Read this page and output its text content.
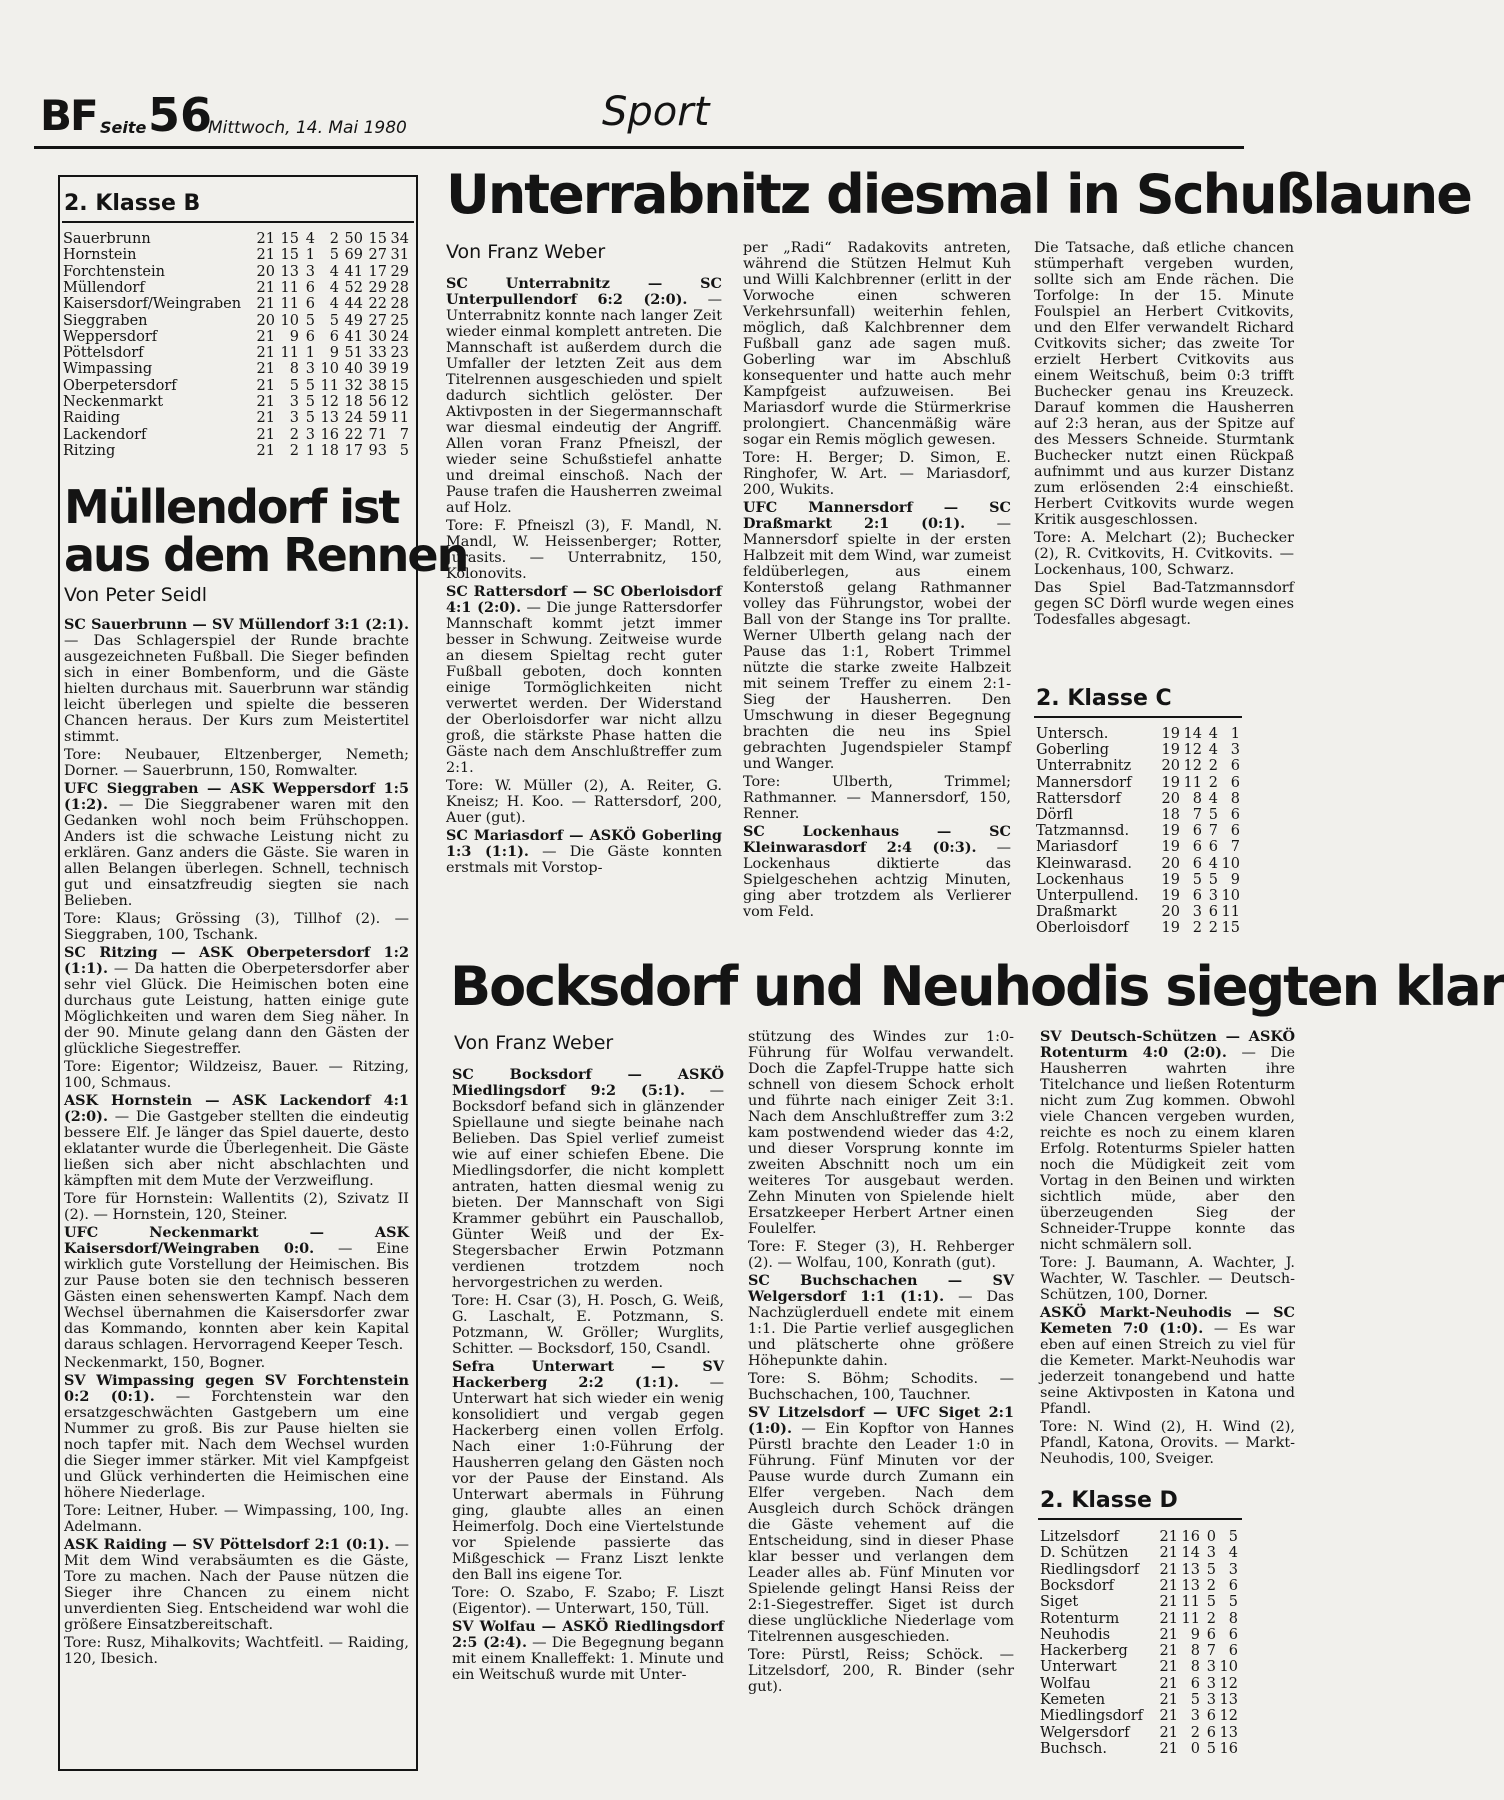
BF Seite 56
Mittwoch, 14. Mai 1980	Sport
2. Klasse B
Sauerbrunn	21 15 4	2 50 15 34
Hornstein	21 15 1	5 69 27 31
Forchtenstein	20 13 3	4 41 17 29
Müllendorf	21 11 6	4 52 29 28
Kaisersdorf/Weingraben 21 11 6	4 44 22 28
Sieggraben	20 10 5	5 49 27 25
Weppersdorf	21	9 6	6 41 30 24
Pöttelsdorf	21 11 1	9 51 33 23
Wimpassing	21	8 3 10 40 39 19
Oberpetersdorf	21	5 5 11 32 38 15
Neckenmarkt	21	3 5 12 18 56 12
Raiding	21	3 5 13 24 59 11
Lackendorf	21	2 3 16 22 71 7
Ritzing	21	2 1 18 17 93 5
Müllendorf ist
aus dem Rennen
Von Peter Seidl

SC Sauerbrunn — SV Müllendorf 3:1 (2:1). — Das Schlagerspiel der Runde brachte ausgezeichneten Fußball. Die Sieger befinden sich in einer Bombenform, und die Gäste hielten durchaus mit. Sauerbrunn war ständig leicht überlegen und spielte die besseren Chancen heraus. Der Kurs zum Meistertitel stimmt.

Tore: Neubauer, Eltzenberger, Nemeth; Dorner. — Sauerbrunn, 150, Romwalter.

UFC Sieggraben — ASK Weppersdorf 1:5 (1:2). — Die Sieggrabener waren mit den Gedanken wohl noch beim Frühschoppen. Anders ist die schwache Leistung nicht zu erklären. Ganz anders die Gäste. Sie waren in allen Belangen überlegen. Schnell, technisch gut und einsatzfreudig siegten sie nach Belieben.

Tore: Klaus; Grössing (3), Tillhof (2). — Sieggraben, 100, Tschank.

SC Ritzing — ASK Oberpetersdorf 1:2 (1:1). — Da hatten die Oberpetersdorfer aber sehr viel Glück. Die Heimischen boten eine durchaus gute Leistung, hatten einige gute Möglichkeiten und waren dem Sieg näher. In der 90. Minute gelang dann den Gästen der glückliche Siegestreffer.

Tore: Eigentor; Wildzeisz, Bauer. — Ritzing, 100, Schmaus.

ASK Hornstein — ASK Lackendorf 4:1 (2:0). — Die Gastgeber stellten die eindeutig bessere Elf. Je länger das Spiel dauerte, desto eklatanter wurde die Überlegenheit. Die Gäste ließen sich aber nicht abschlachten und kämpften mit dem Mute der Verzweiflung.

Tore für Hornstein: Wallentits (2), Szivatz II (2). — Hornstein, 120, Steiner.

UFC Neckenmarkt — ASK Kaisersdorf/Weingraben 0:0. — Eine wirklich gute Vorstellung der Heimischen. Bis zur Pause boten sie den technisch besseren Gästen einen sehenswerten Kampf. Nach dem Wechsel übernahmen die Kaisersdorfer zwar das Kommando, konnten aber kein Kapital daraus schlagen. Hervorragend Keeper Tesch.

Neckenmarkt, 150, Bogner.

SV Wimpassing gegen SV Forchtenstein 0:2 (0:1). — Forchtenstein war den ersatzgeschwächten Gastgebern um eine Nummer zu groß. Bis zur Pause hielten sie noch tapfer mit. Nach dem Wechsel wurden die Sieger immer stärker. Mit viel Kampfgeist und Glück verhinderten die Heimischen eine höhere Niederlage.

Tore: Leitner, Huber. — Wimpassing, 100, Ing. Adelmann.

ASK Raiding — SV Pöttelsdorf 2:1 (0:1). — Mit dem Wind verabsäumten es die Gäste, Tore zu machen. Nach der Pause nützen die Sieger ihre Chancen zu einem nicht unverdienten Sieg. Entscheidend war wohl die größere Einsatzbereitschaft.

Tore: Rusz, Mihalkovits; Wachtfeitl. — Raiding, 120, Ibesich.

Unterrabnitz diesmal in Schußlaune
Von Franz Weber

SC Unterrabnitz — SC Unterpullendorf 6:2 (2:0). — Unterrabnitz konnte nach langer Zeit wieder einmal komplett antreten. Die Mannschaft ist außerdem durch die Umfaller der letzten Zeit aus dem Titelrennen ausgeschieden und spielt dadurch sichtlich gelöster. Der Aktivposten in der Siegermannschaft war diesmal eindeutig der Angriff. Allen voran Franz Pfneiszl, der wieder seine Schußstiefel anhatte und dreimal einschoß. Nach der Pause trafen die Hausherren zweimal auf Holz.

Tore: F. Pfneiszl (3), F. Mandl, N. Mandl, W. Heissenberger; Rotter, Jurasits. — Unterrabnitz, 150, Kolonovits.

SC Rattersdorf — SC Oberloisdorf 4:1 (2:0). — Die junge Rattersdorfer Mannschaft kommt jetzt immer besser in Schwung. Zeitweise wurde an diesem Spieltag recht guter Fußball geboten, doch konnten einige Tormöglichkeiten nicht verwertet werden. Der Widerstand der Oberloisdorfer war nicht allzu groß, die stärkste Phase hatten die Gäste nach dem Anschlußtreffer zum 2:1.

Tore: W. Müller (2), A. Reiter, G. Kneisz; H. Koo. — Rattersdorf, 200, Auer (gut).

SC Mariasdorf — ASKÖ Goberling 1:3 (1:1). — Die Gäste konnten erstmals mit Vorstop-

per „Radi“ Radakovits antreten, während die Stützen Helmut Kuh und Willi Kalchbrenner (erlitt in der Vorwoche einen schweren Verkehrsunfall) weiterhin fehlen, möglich, daß Kalchbrenner dem Fußball ganz ade sagen muß. Goberling war im Abschluß konsequenter und hatte auch mehr Kampfgeist aufzuweisen. Bei Mariasdorf wurde die Stürmerkrise prolongiert. Chancenmäßig wäre sogar ein Remis möglich gewesen.

Tore: H. Berger; D. Simon, E. Ringhofer, W. Art. — Mariasdorf, 200, Wukits.

UFC Mannersdorf — SC Draßmarkt 2:1 (0:1). — Mannersdorf spielte in der ersten Halbzeit mit dem Wind, war zumeist feldüberlegen, aus einem Konterstoß gelang Rathmanner volley das Führungstor, wobei der Ball von der Stange ins Tor prallte. Werner Ulberth gelang nach der Pause das 1:1, Robert Trimmel nützte die starke zweite Halbzeit mit seinem Treffer zu einem 2:1-Sieg der Hausherren. Den Umschwung in dieser Begegnung brachten die neu ins Spiel gebrachten Jugendspieler Stampf und Wanger.

Tore: Ulberth, Trimmel; Rathmanner. — Mannersdorf, 150, Renner.

SC Lockenhaus — SC Kleinwarasdorf 2:4 (0:3). — Lockenhaus diktierte das Spielgeschehen achtzig Minuten, ging aber trotzdem als Verlierer vom Feld.

Die Tatsache, daß etliche chancen stümperhaft vergeben wurden, sollte sich am Ende rächen. Die Torfolge: In der 15. Minute Foulspiel an Herbert Cvitkovits, und den Elfer verwandelt Richard Cvitkovits sicher; das zweite Tor erzielt Herbert Cvitkovits aus einem Weitschuß, beim 0:3 trifft Buchecker genau ins Kreuzeck. Darauf kommen die Hausherren auf 2:3 heran, aus der Spitze auf des Messers Schneide. Sturmtank Buchecker nutzt einen Rückpaß aufnimmt und aus kurzer Distanz zum erlösenden 2:4 einschießt. Herbert Cvitkovits wurde wegen Kritik ausgeschlossen.

Tore: A. Melchart (2); Buchecker (2), R. Cvitkovits, H. Cvitkovits. — Lockenhaus, 100, Schwarz.

Das Spiel Bad-Tatzmannsdorf gegen SC Dörfl wurde wegen eines Todesfalles abgesagt.

2. Klasse C
Untersch.	19 14 4 1
Goberling	19 12 4 3
Unterrabnitz 20 12 2 6
Mannersdorf 19 11 2 6
Rattersdorf	20 8 4 8
Dörfl	18 7 5 6
Tatzmannsd. 19 6 7 6
Mariasdorf	19 6 6 7
Kleinwarasd. 20 6 4 10
Lockenhaus	19 5 5 9
Unterpullend. 19 6 3 10
Draßmarkt	20 3 6 11
Oberloisdorf 19 2 2 15
Bocksdorf und Neuhodis siegten klar
Von Franz Weber

SC Bocksdorf — ASKÖ Miedlingsdorf 9:2 (5:1). — Bocksdorf befand sich in glänzender Spiellaune und siegte beinahe nach Belieben. Das Spiel verlief zumeist wie auf einer schiefen Ebene. Die Miedlingsdorfer, die nicht komplett antraten, hatten diesmal wenig zu bieten. Der Mannschaft von Sigi Krammer gebührt ein Pauschallob, Günter Weiß und der Ex-Stegersbacher Erwin Potzmann verdienen trotzdem noch hervorgestrichen zu werden.

Tore: H. Csar (3), H. Posch, G. Weiß, G. Laschalt, E. Potzmann, S. Potzmann, W. Gröller; Wurglits, Schitter. — Bocksdorf, 150, Csandl.

Sefra Unterwart — SV Hackerberg 2:2 (1:1). — Unterwart hat sich wieder ein wenig konsolidiert und vergab gegen Hackerberg einen vollen Erfolg. Nach einer 1:0-Führung der Hausherren gelang den Gästen noch vor der Pause der Einstand. Als Unterwart abermals in Führung ging, glaubte alles an einen Heimerfolg. Doch eine Viertelstunde vor Spielende passierte das Mißgeschick — Franz Liszt lenkte den Ball ins eigene Tor.

Tore: O. Szabo, F. Szabo; F. Liszt (Eigentor). — Unterwart, 150, Tüll.

SV Wolfau — ASKÖ Riedlingsdorf 2:5 (2:4). — Die Begegnung begann mit einem Knalleffekt: 1. Minute und ein Weitschuß wurde mit Unter-

stützung des Windes zur 1:0-Führung für Wolfau verwandelt. Doch die Zapfel-Truppe hatte sich schnell von diesem Schock erholt und führte nach einiger Zeit 3:1. Nach dem Anschlußtreffer zum 3:2 kam postwendend wieder das 4:2, und dieser Vorsprung konnte im zweiten Abschnitt noch um ein weiteres Tor ausgebaut werden. Zehn Minuten von Spielende hielt Ersatzkeeper Herbert Artner einen Foulelfer.

Tore: F. Steger (3), H. Rehberger (2). — Wolfau, 100, Konrath (gut).

SC Buchschachen — SV Welgersdorf 1:1 (1:1). — Das Nachzüglerduell endete mit einem 1:1. Die Partie verlief ausgeglichen und plätscherte ohne größere Höhepunkte dahin.

Tore: S. Böhm; Schodits. — Buchschachen, 100, Tauchner.

SV Litzelsdorf — UFC Siget 2:1 (1:0). — Ein Kopftor von Hannes Pürstl brachte den Leader 1:0 in Führung. Fünf Minuten vor der Pause wurde durch Zumann ein Elfer vergeben. Nach dem Ausgleich durch Schöck drängen die Gäste vehement auf die Entscheidung, sind in dieser Phase klar besser und verlangen dem Leader alles ab. Fünf Minuten vor Spielende gelingt Hansi Reiss der 2:1-Siegestreffer. Siget ist durch diese unglückliche Niederlage vom Titelrennen ausgeschieden.

Tore: Pürstl, Reiss; Schöck. — Litzelsdorf, 200, R. Binder (sehr gut).

SV Deutsch-Schützen — ASKÖ Rotenturm 4:0 (2:0). — Die Hausherren wahrten ihre Titelchance und ließen Rotenturm nicht zum Zug kommen. Obwohl viele Chancen vergeben wurden, reichte es noch zu einem klaren Erfolg. Rotenturms Spieler hatten noch die Müdigkeit zeit vom Vortag in den Beinen und wirkten sichtlich müde, aber den überzeugenden Sieg der Schneider-Truppe konnte das nicht schmälern soll.

Tore: J. Baumann, A. Wachter, J. Wachter, W. Taschler. — Deutsch-Schützen, 100, Dorner.

ASKÖ Markt-Neuhodis — SC Kemeten 7:0 (1:0). — Es war eben auf einen Streich zu viel für die Kemeter. Markt-Neuhodis war jederzeit tonangebend und hatte seine Aktivposten in Katona und Pfandl.

Tore: N. Wind (2), H. Wind (2), Pfandl, Katona, Orovits. — Markt-Neuhodis, 100, Sveiger.

2. Klasse D
Litzelsdorf	21 16 0 5
D. Schützen 21 14 3 4
Riedlingsdorf 21 13 5 3
Bocksdorf	21 13 2 6
Siget	21 11 5 5
Rotenturm	21 11 2 8
Neuhodis	21 9 6 6
Hackerberg 21 8 7 6
Unterwart	21 8 3 10
Wolfau	21 6 3 12
Kemeten	21 5 3 13
Miedlingsdorf 21 3 6 12
Welgersdorf 21 2 6 13
Buchsch.	21 0 5 16
